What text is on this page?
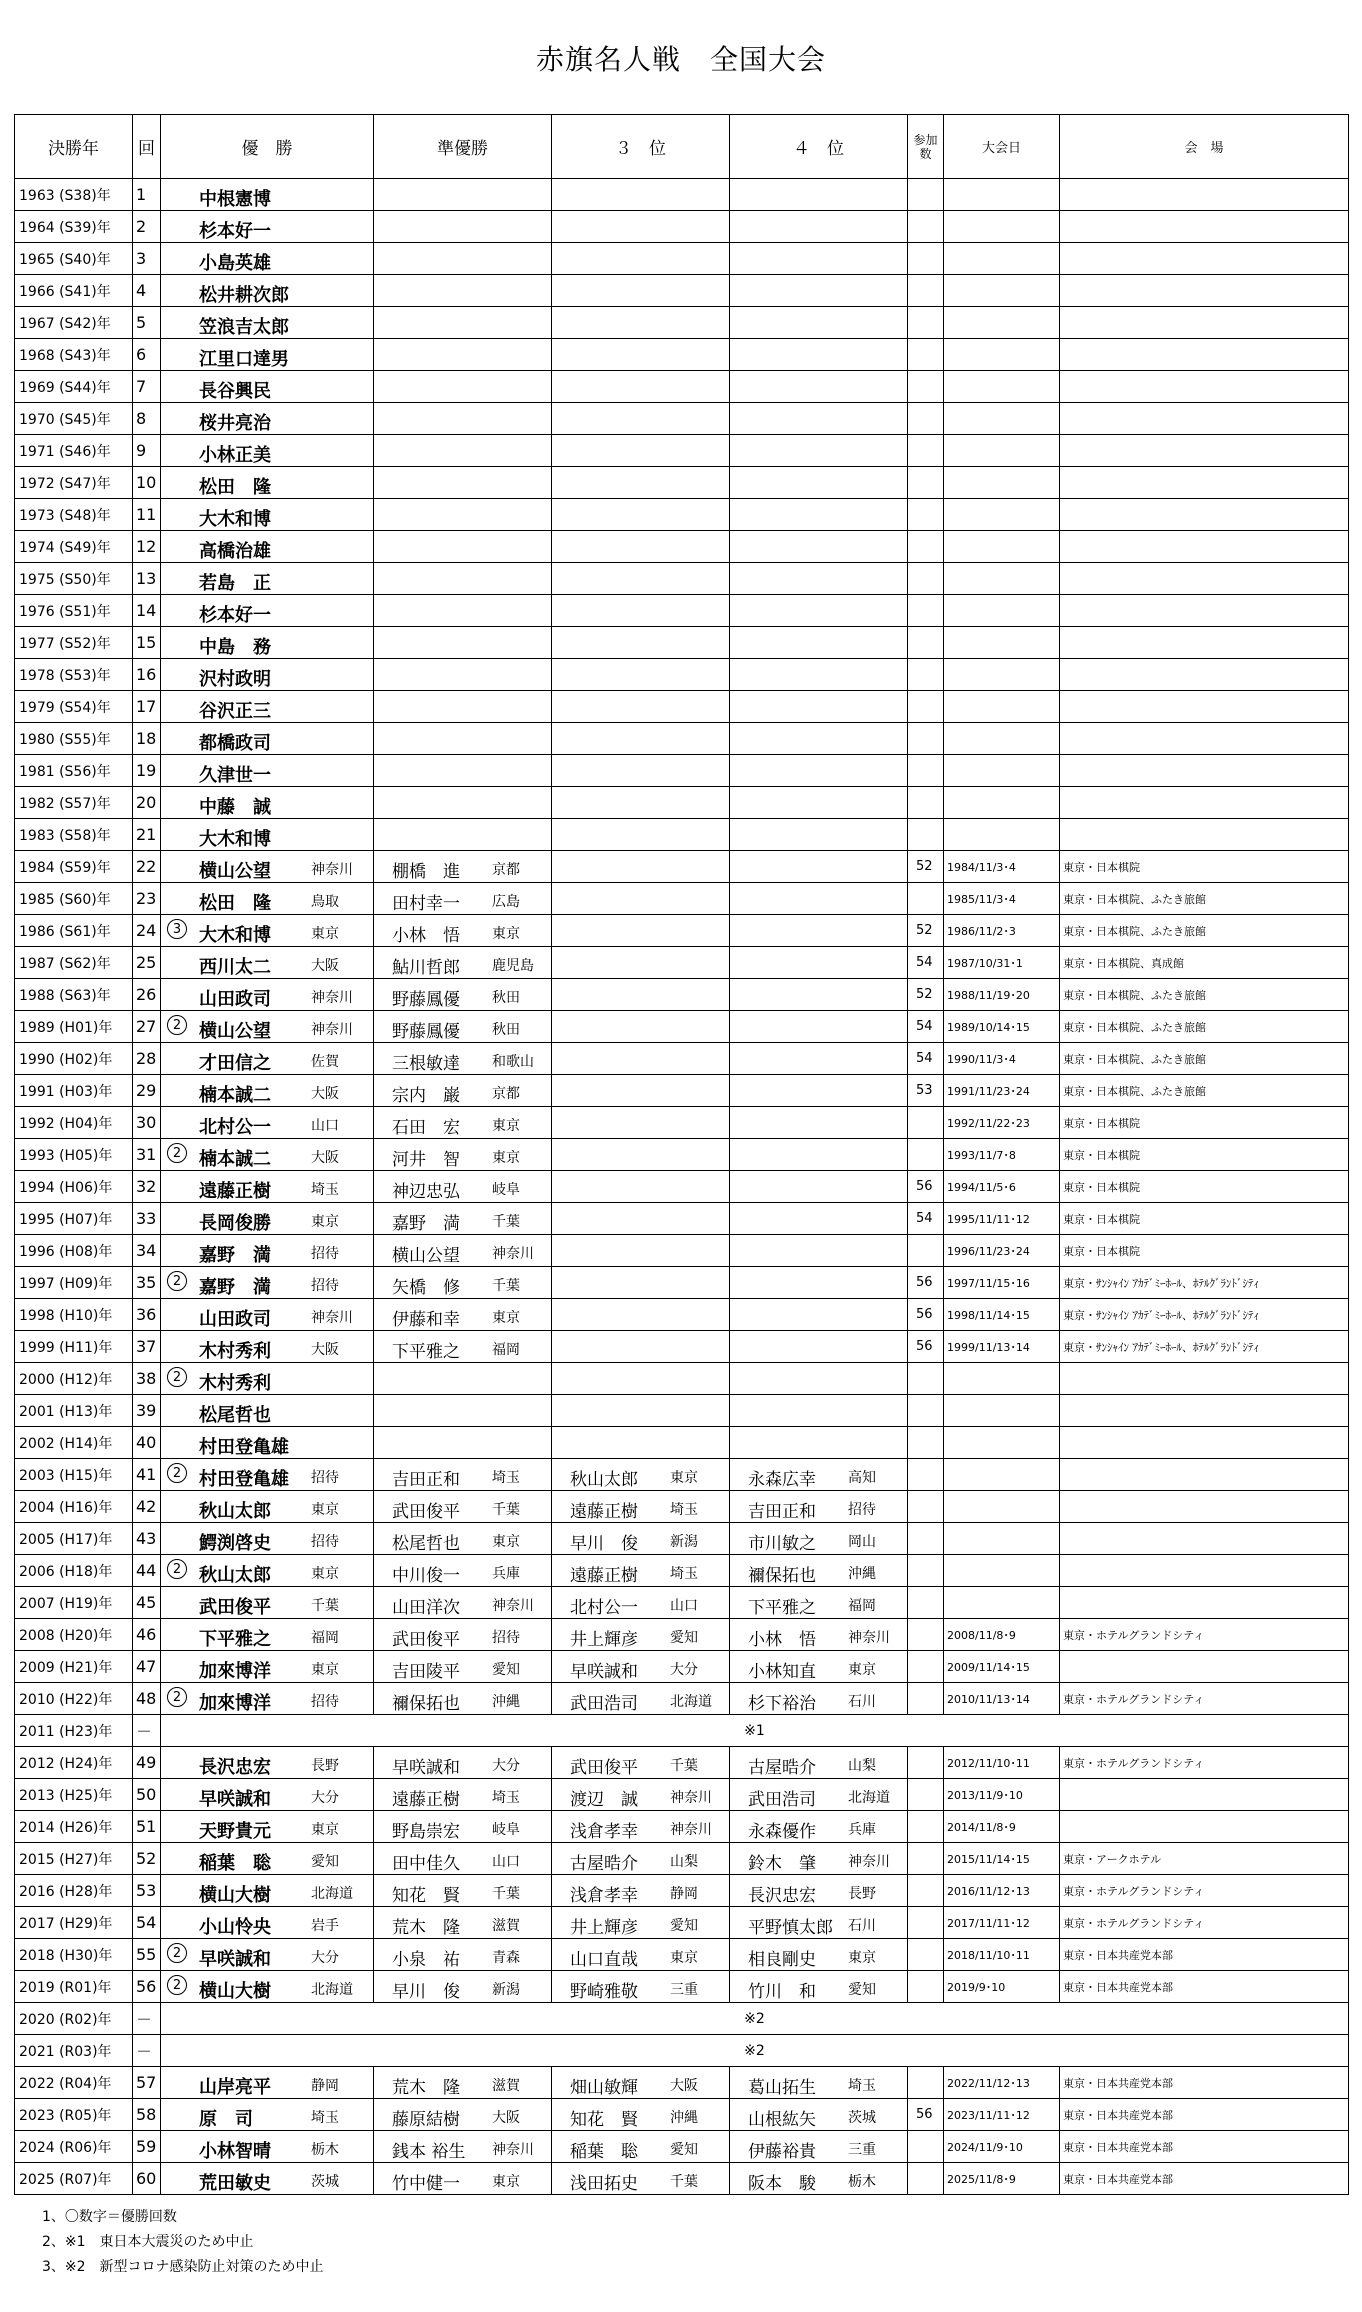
赤旗名人戦　全国大会
決勝年	回	優　勝	準優勝	３　位	４　位	参加数	大会日	会　場
1963 (S38)年	1	中根憲博						

1964 (S39)年	2	杉本好一						

1965 (S40)年	3	小島英雄						

1966 (S41)年	4	松井耕次郎						

1967 (S42)年	5	笠浪吉太郎						

1968 (S43)年	6	江里口達男						

1969 (S44)年	7	長谷興民						

1970 (S45)年	8	桜井亮治						

1971 (S46)年	9	小林正美						

1972 (S47)年	10	松田　隆						

1973 (S48)年	11	大木和博						

1974 (S49)年	12	高橋治雄						

1975 (S50)年	13	若島　正						

1976 (S51)年	14	杉本好一						

1977 (S52)年	15	中島　務						

1978 (S53)年	16	沢村政明						

1979 (S54)年	17	谷沢正三						

1980 (S55)年	18	都橋政司						

1981 (S56)年	19	久津世一						

1982 (S57)年	20	中藤　誠						

1983 (S58)年	21	大木和博						

1984 (S59)年	22	横山公望 神奈川	棚橋　進 京都			52	1984/11/3･4	東京・日本棋院
1985 (S60)年	23	松田　隆 鳥取	田村幸一 広島				1985/11/3･4	東京・日本棋院、ふたき旅館
1986 (S61)年	24	3 大木和博 東京	小林　悟 東京			52	1986/11/2･3	東京・日本棋院、ふたき旅館
1987 (S62)年	25	西川太二 大阪	鮎川哲郎 鹿児島			54	1987/10/31･1	東京・日本棋院、真成館
1988 (S63)年	26	山田政司 神奈川	野藤鳳優 秋田			52	1988/11/19･20	東京・日本棋院、ふたき旅館
1989 (H01)年	27	2 横山公望 神奈川	野藤鳳優 秋田			54	1989/10/14･15	東京・日本棋院、ふたき旅館
1990 (H02)年	28	才田信之 佐賀	三根敏達 和歌山			54	1990/11/3･4	東京・日本棋院、ふたき旅館
1991 (H03)年	29	楠本誠二 大阪	宗内　巌 京都			53	1991/11/23･24	東京・日本棋院、ふたき旅館
1992 (H04)年	30	北村公一 山口	石田　宏 東京				1992/11/22･23	東京・日本棋院
1993 (H05)年	31	2 楠本誠二 大阪	河井　智 東京				1993/11/7･8	東京・日本棋院
1994 (H06)年	32	遠藤正樹 埼玉	神辺忠弘 岐阜			56	1994/11/5･6	東京・日本棋院
1995 (H07)年	33	長岡俊勝 東京	嘉野　満 千葉			54	1995/11/11･12	東京・日本棋院
1996 (H08)年	34	嘉野　満 招待	横山公望 神奈川				1996/11/23･24	東京・日本棋院
1997 (H09)年	35	2 嘉野　満 招待	矢橋　修 千葉			56	1997/11/15･16	東京・ｻﾝｼｬｲﾝ ｱｶﾃﾞﾐｰﾎｰﾙ、ﾎﾃﾙｸﾞﾗﾝﾄﾞｼﾃｨ
1998 (H10)年	36	山田政司 神奈川	伊藤和幸 東京			56	1998/11/14･15	東京・ｻﾝｼｬｲﾝ ｱｶﾃﾞﾐｰﾎｰﾙ、ﾎﾃﾙｸﾞﾗﾝﾄﾞｼﾃｨ
1999 (H11)年	37	木村秀利 大阪	下平雅之 福岡			56	1999/11/13･14	東京・ｻﾝｼｬｲﾝ ｱｶﾃﾞﾐｰﾎｰﾙ、ﾎﾃﾙｸﾞﾗﾝﾄﾞｼﾃｨ
2000 (H12)年	38	2 木村秀利						

2001 (H13)年	39	松尾哲也						

2002 (H14)年	40	村田登亀雄						

2003 (H15)年	41	2 村田登亀雄 招待	吉田正和 埼玉	秋山太郎 東京	永森広幸 高知			

2004 (H16)年	42	秋山太郎 東京	武田俊平 千葉	遠藤正樹 埼玉	吉田正和 招待			

2005 (H17)年	43	鰐渕啓史 招待	松尾哲也 東京	早川　俊 新潟	市川敏之 岡山			

2006 (H18)年	44	2 秋山太郎 東京	中川俊一 兵庫	遠藤正樹 埼玉	禰保拓也 沖縄			

2007 (H19)年	45	武田俊平 千葉	山田洋次 神奈川	北村公一 山口	下平雅之 福岡			

2008 (H20)年	46	下平雅之 福岡	武田俊平 招待	井上輝彦 愛知	小林　悟 神奈川		2008/11/8･9	東京・ホテルグランドシティ
2009 (H21)年	47	加來博洋 東京	吉田陵平 愛知	早咲誠和 大分	小林知直 東京		2009/11/14･15	
2010 (H22)年	48	2 加來博洋 招待	禰保拓也 沖縄	武田浩司 北海道	杉下裕治 石川		2010/11/13･14	東京・ホテルグランドシティ
2011 (H23)年	－	※1						
2012 (H24)年	49	長沢忠宏 長野	早咲誠和 大分	武田俊平 千葉	古屋晧介 山梨		2012/11/10･11	東京・ホテルグランドシティ
2013 (H25)年	50	早咲誠和 大分	遠藤正樹 埼玉	渡辺　誠 神奈川	武田浩司 北海道		2013/11/9･10	
2014 (H26)年	51	天野貴元 東京	野島崇宏 岐阜	浅倉孝幸 神奈川	永森優作 兵庫		2014/11/8･9	
2015 (H27)年	52	稲葉　聡 愛知	田中佳久 山口	古屋晧介 山梨	鈴木　肇 神奈川		2015/11/14･15	東京・アークホテル
2016 (H28)年	53	横山大樹 北海道	知花　賢 千葉	浅倉孝幸 静岡	長沢忠宏 長野		2016/11/12･13	東京・ホテルグランドシティ
2017 (H29)年	54	小山怜央 岩手	荒木　隆 滋賀	井上輝彦 愛知	平野慎太郎 石川		2017/11/11･12	東京・ホテルグランドシティ
2018 (H30)年	55	2 早咲誠和 大分	小泉　祐 青森	山口直哉 東京	相良剛史 東京		2018/11/10･11	東京・日本共産党本部
2019 (R01)年	56	2 横山大樹 北海道	早川　俊 新潟	野崎雅敬 三重	竹川　和 愛知		2019/9･10	東京・日本共産党本部
2020 (R02)年	－	※2						
2021 (R03)年	－	※2						
2022 (R04)年	57	山岸亮平 静岡	荒木　隆 滋賀	畑山敏輝 大阪	葛山拓生 埼玉		2022/11/12･13	東京・日本共産党本部
2023 (R05)年	58	原　司 埼玉	藤原結樹 大阪	知花　賢 沖縄	山根紘矢 茨城	56	2023/11/11･12	東京・日本共産党本部
2024 (R06)年	59	小林智晴 栃木	銭本 裕生 神奈川	稲葉　聡 愛知	伊藤裕貴 三重		2024/11/9･10	東京・日本共産党本部
2025 (R07)年	60	荒田敏史 茨城	竹中健一 東京	浅田拓史 千葉	阪本　駿 栃木		2025/11/8･9	東京・日本共産党本部
1、〇数字＝優勝回数
2、※1　東日本大震災のため中止
3、※2　新型コロナ感染防止対策のため中止
